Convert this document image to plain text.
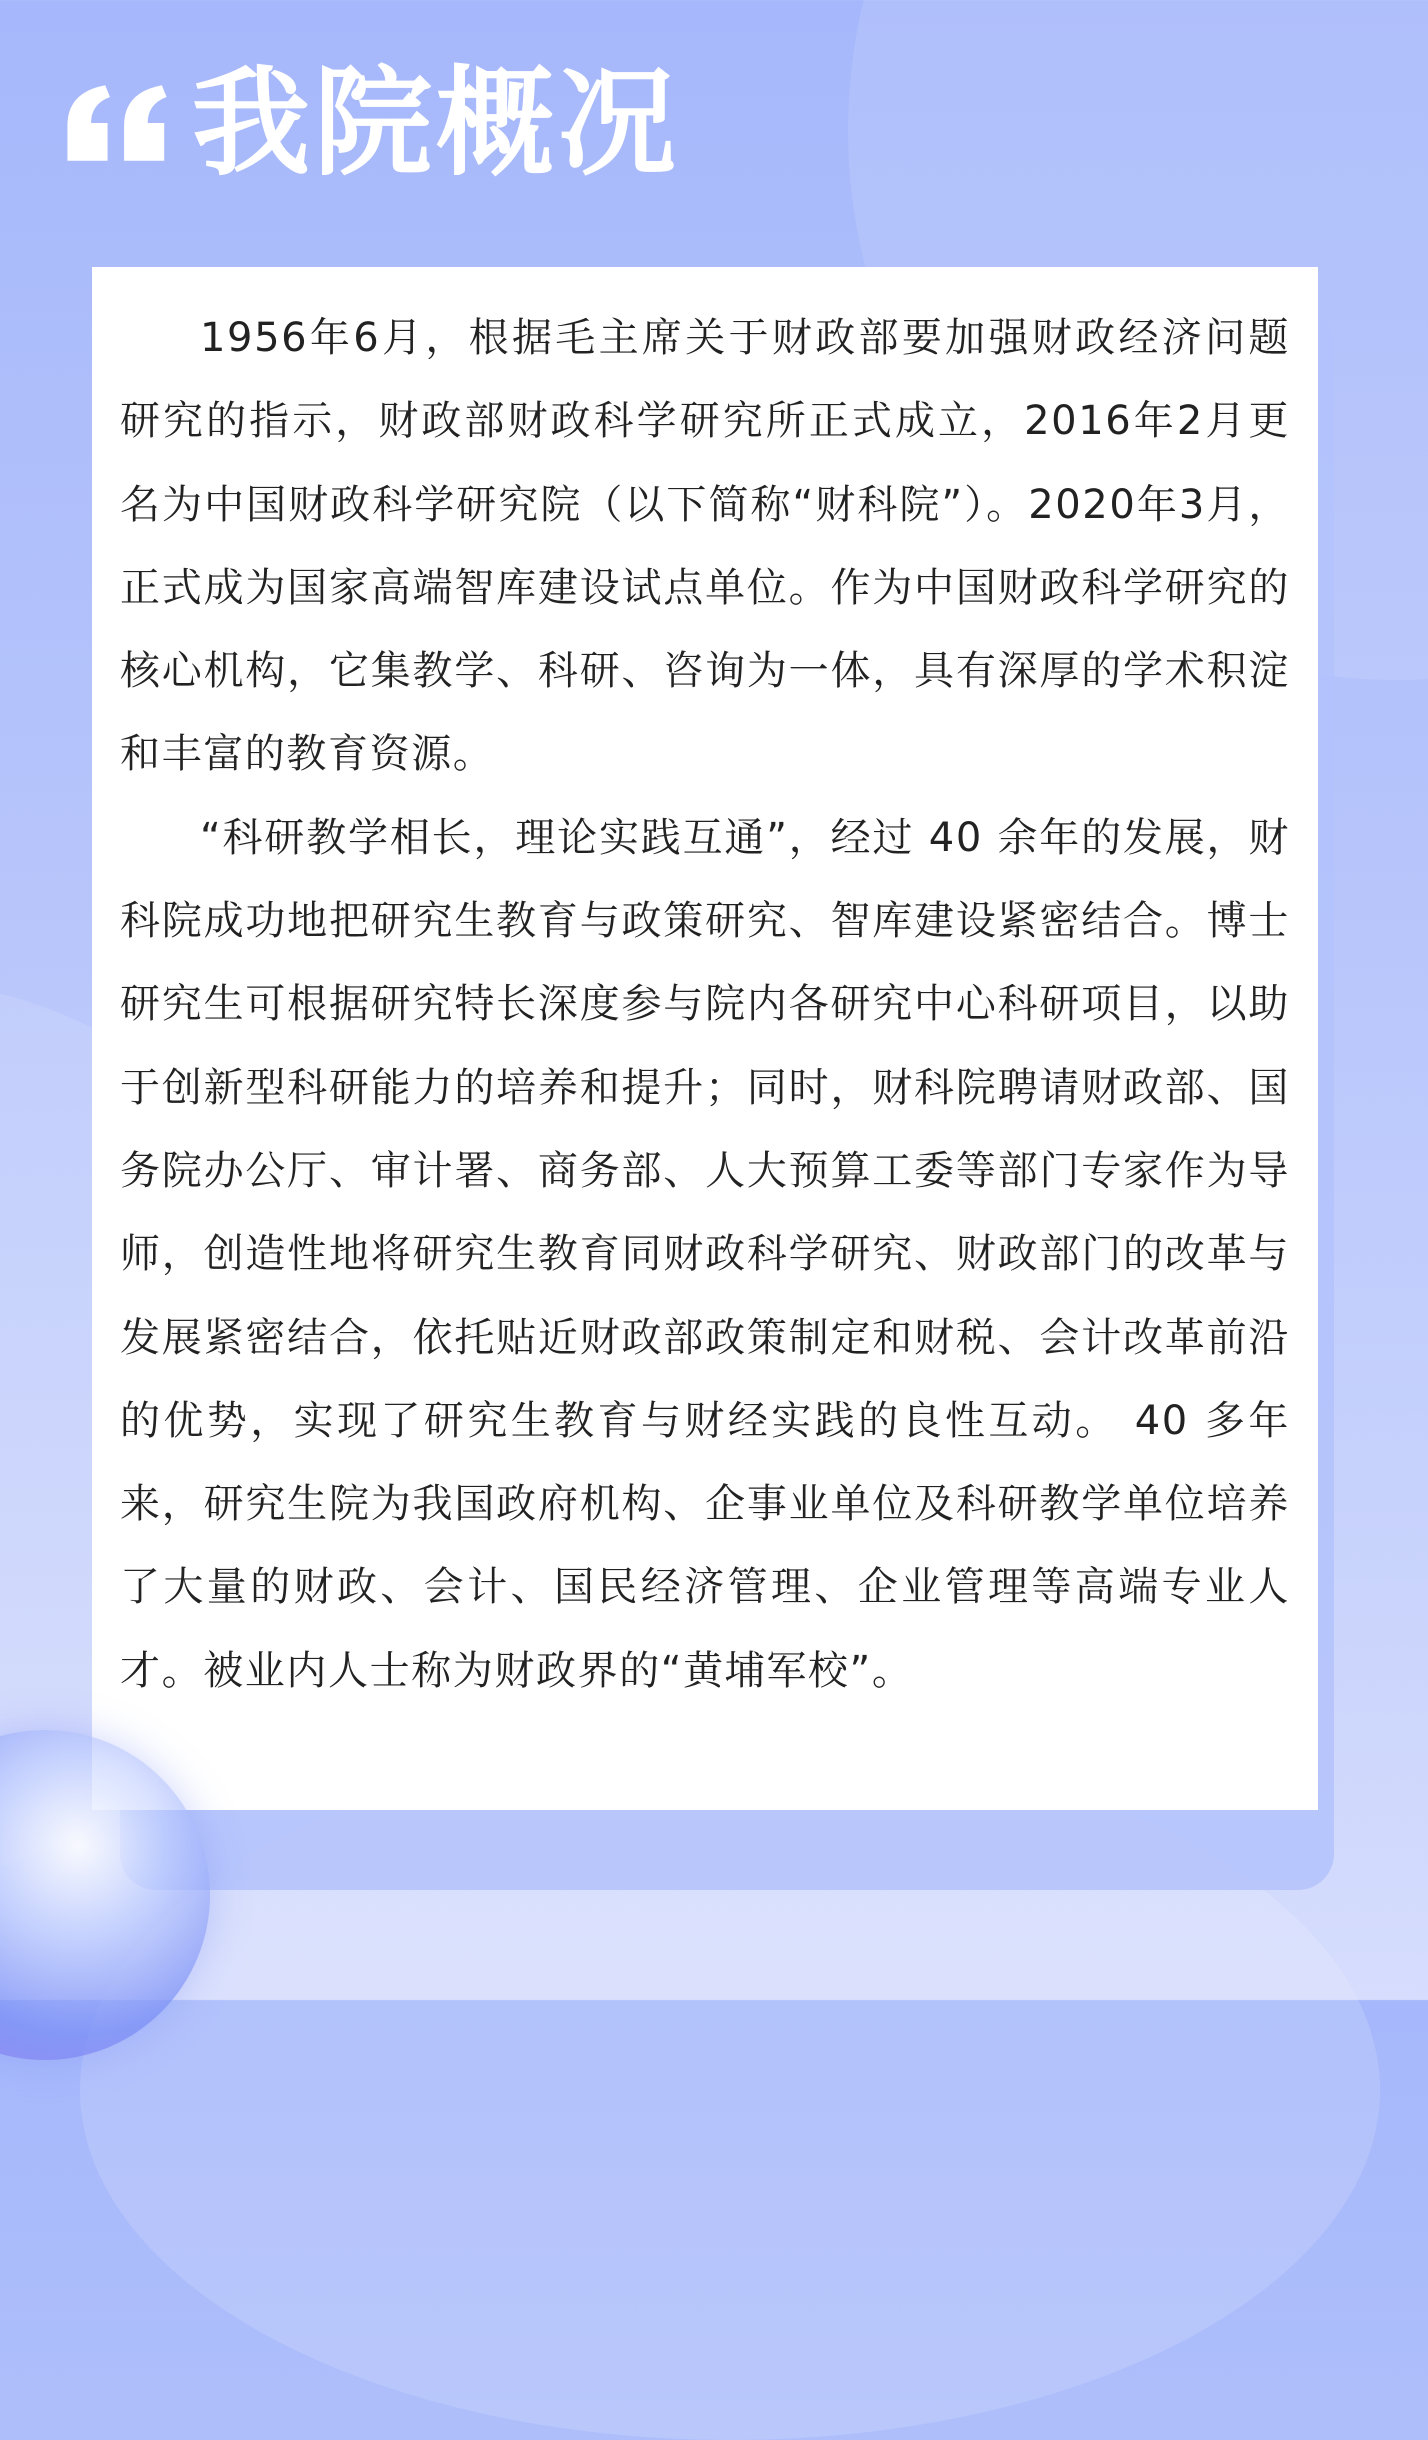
我院概况

1956年6月，根据毛主席关于财政部要加强财政经济问题研究的指示，财政部财政科学研究所正式成立，2016年2月更名为中国财政科学研究院（以下简称“财科院”）。2020年3月，正式成为国家高端智库建设试点单位。作为中国财政科学研究的核心机构，它集教学、科研、咨询为一体，具有深厚的学术积淀和丰富的教育资源。

“科研教学相长，理论实践互通”，经过 40 余年的发展，财科院成功地把研究生教育与政策研究、智库建设紧密结合。博士研究生可根据研究特长深度参与院内各研究中心科研项目，以助于创新型科研能力的培养和提升；同时，财科院聘请财政部、国务院办公厅、审计署、商务部、人大预算工委等部门专家作为导师，创造性地将研究生教育同财政科学研究、财政部门的改革与发展紧密结合，依托贴近财政部政策制定和财税、会计改革前沿的优势，实现了研究生教育与财经实践的良性互动。 40 多年来，研究生院为我国政府机构、企事业单位及科研教学单位培养了大量的财政、会计、国民经济管理、企业管理等高端专业人才。被业内人士称为财政界的“黄埔军校”。
